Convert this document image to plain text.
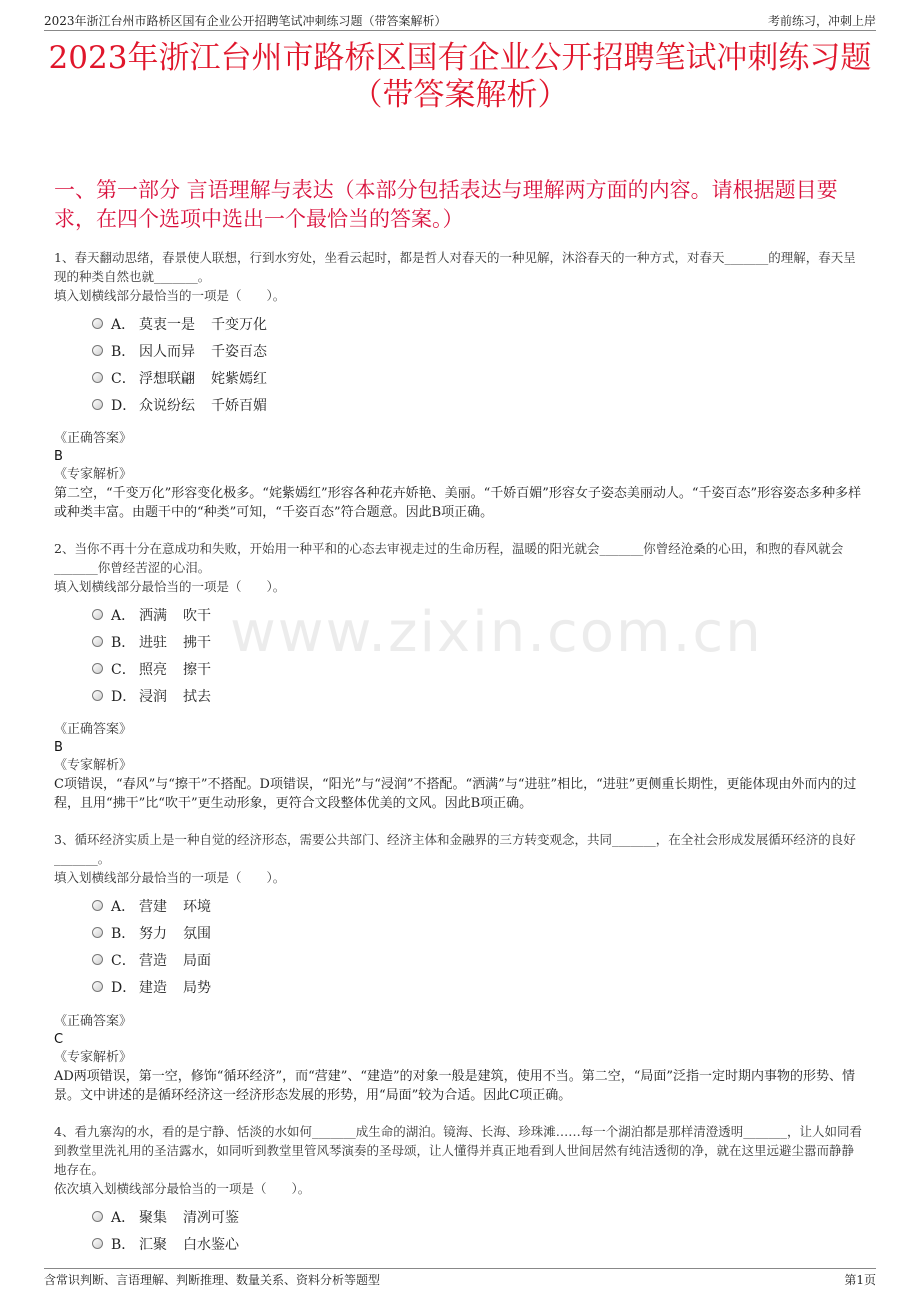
2023年浙江台州市路桥区国有企业公开招聘笔试冲刺练习题（带答案解析）	考前练习，冲刺上岸
2023年浙江台州市路桥区国有企业公开招聘笔试冲刺练习题
（带答案解析）
一、第一部分 言语理解与表达（本部分包括表达与理解两方面的内容。请根据题目要求，在四个选项中选出一个最恰当的答案。）
www.zixin.com.cn
1、春天翻动思绪，春景使人联想，行到水穷处，坐看云起时，都是哲人对春天的一种见解，沐浴春天的一种方式，对春天_______的理解，春天呈现的种类自然也就_______。
填入划横线部分最恰当的一项是（　　）。
A． 莫衷一是 千变万化
B． 因人而异 千姿百态
C． 浮想联翩 姹紫嫣红
D． 众说纷纭 千娇百媚
《正确答案》
B
《专家解析》
第二空，“千变万化”形容变化极多。“姹紫嫣红”形容各种花卉娇艳、美丽。“千娇百媚”形容女子姿态美丽动人。“千姿百态”形容姿态多种多样或种类丰富。由题干中的“种类”可知，“千姿百态”符合题意。因此B项正确。
2、当你不再十分在意成功和失败，开始用一种平和的心态去审视走过的生命历程，温暖的阳光就会_______你曾经沧桑的心田，和煦的春风就会_______你曾经苦涩的心泪。
填入划横线部分最恰当的一项是（　　）。
A． 洒满 吹干
B． 进驻 拂干
C． 照亮 擦干
D． 浸润 拭去
《正确答案》
B
《专家解析》
C项错误，“春风”与“擦干”不搭配。D项错误，“阳光”与“浸润”不搭配。“洒满”与“进驻”相比，“进驻”更侧重长期性，更能体现由外而内的过程，且用“拂干”比“吹干”更生动形象，更符合文段整体优美的文风。因此B项正确。
3、循环经济实质上是一种自觉的经济形态，需要公共部门、经济主体和金融界的三方转变观念，共同_______，在全社会形成发展循环经济的良好_______。
填入划横线部分最恰当的一项是（　　）。
A． 营建 环境
B． 努力 氛围
C． 营造 局面
D． 建造 局势
《正确答案》
C
《专家解析》
AD两项错误，第一空，修饰“循环经济”，而“营建”、“建造”的对象一般是建筑，使用不当。第二空，“局面”泛指一定时期内事物的形势、情景。文中讲述的是循环经济这一经济形态发展的形势，用“局面”较为合适。因此C项正确。
4、看九寨沟的水，看的是宁静、恬淡的水如何_______成生命的湖泊。镜海、长海、珍珠滩……每一个湖泊都是那样清澄透明_______，让人如同看到教堂里洗礼用的圣洁露水，如同听到教堂里管风琴演奏的圣母颂，让人懂得并真正地看到人世间居然有纯洁透彻的净，就在这里远避尘嚣而静静地存在。
依次填入划横线部分最恰当的一项是（　　）。
A． 聚集 清冽可鉴
B． 汇聚 白水鉴心
含常识判断、言语理解、判断推理、数量关系、资料分析等题型	第1页
